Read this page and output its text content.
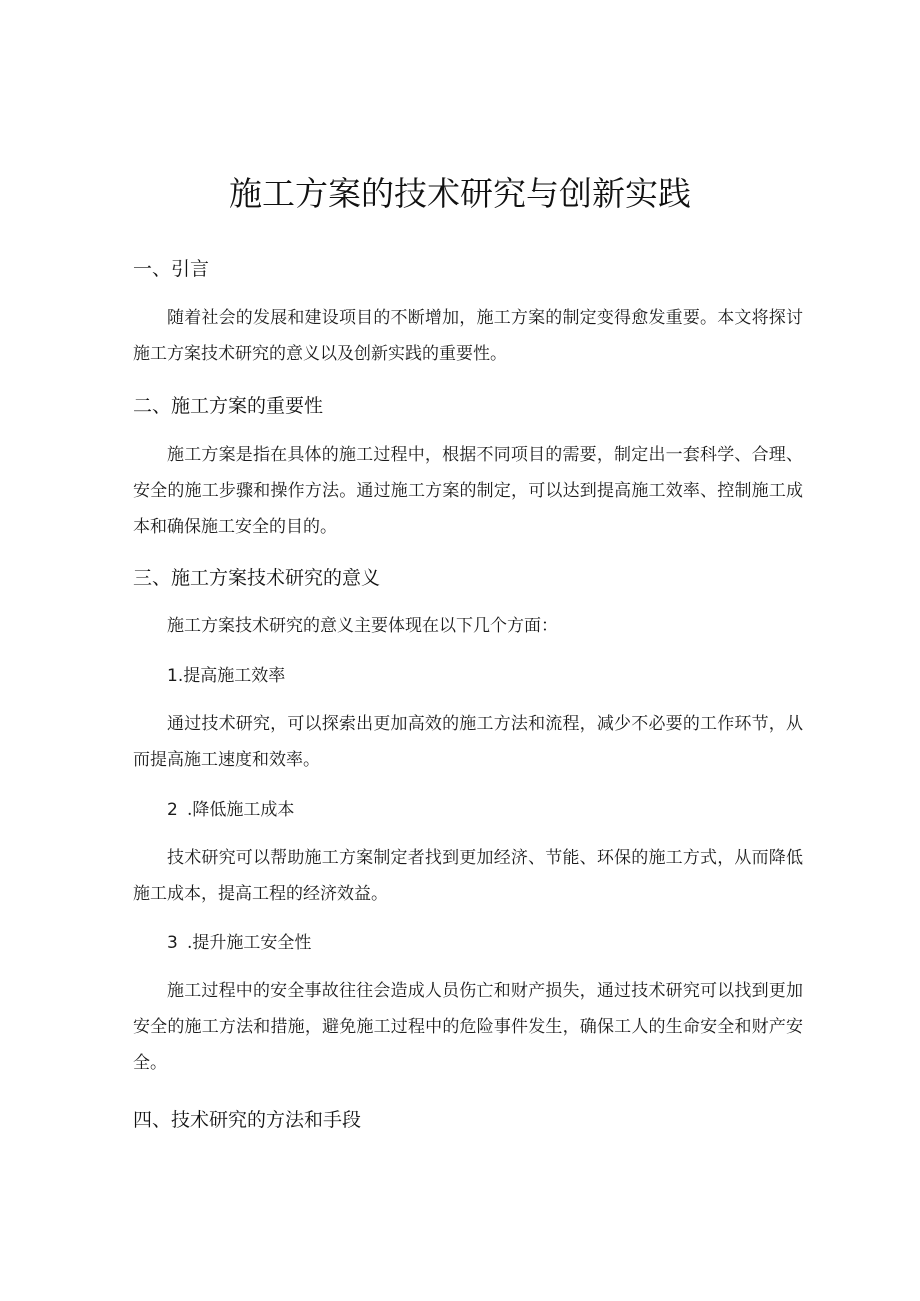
施工方案的技术研究与创新实践
一、引言

随着社会的发展和建设项目的不断增加，施工方案的制定变得愈发重要。本文将探讨施工方案技术研究的意义以及创新实践的重要性。

二、施工方案的重要性

施工方案是指在具体的施工过程中，根据不同项目的需要，制定出一套科学、合理、安全的施工步骤和操作方法。通过施工方案的制定，可以达到提高施工效率、控制施工成本和确保施工安全的目的。

三、施工方案技术研究的意义

施工方案技术研究的意义主要体现在以下几个方面：

1.提高施工效率

通过技术研究，可以探索出更加高效的施工方法和流程，减少不必要的工作环节，从而提高施工速度和效率。

2 .降低施工成本

技术研究可以帮助施工方案制定者找到更加经济、节能、环保的施工方式，从而降低施工成本，提高工程的经济效益。

3 .提升施工安全性

施工过程中的安全事故往往会造成人员伤亡和财产损失，通过技术研究可以找到更加安全的施工方法和措施，避免施工过程中的危险事件发生，确保工人的生命安全和财产安全。

四、技术研究的方法和手段
